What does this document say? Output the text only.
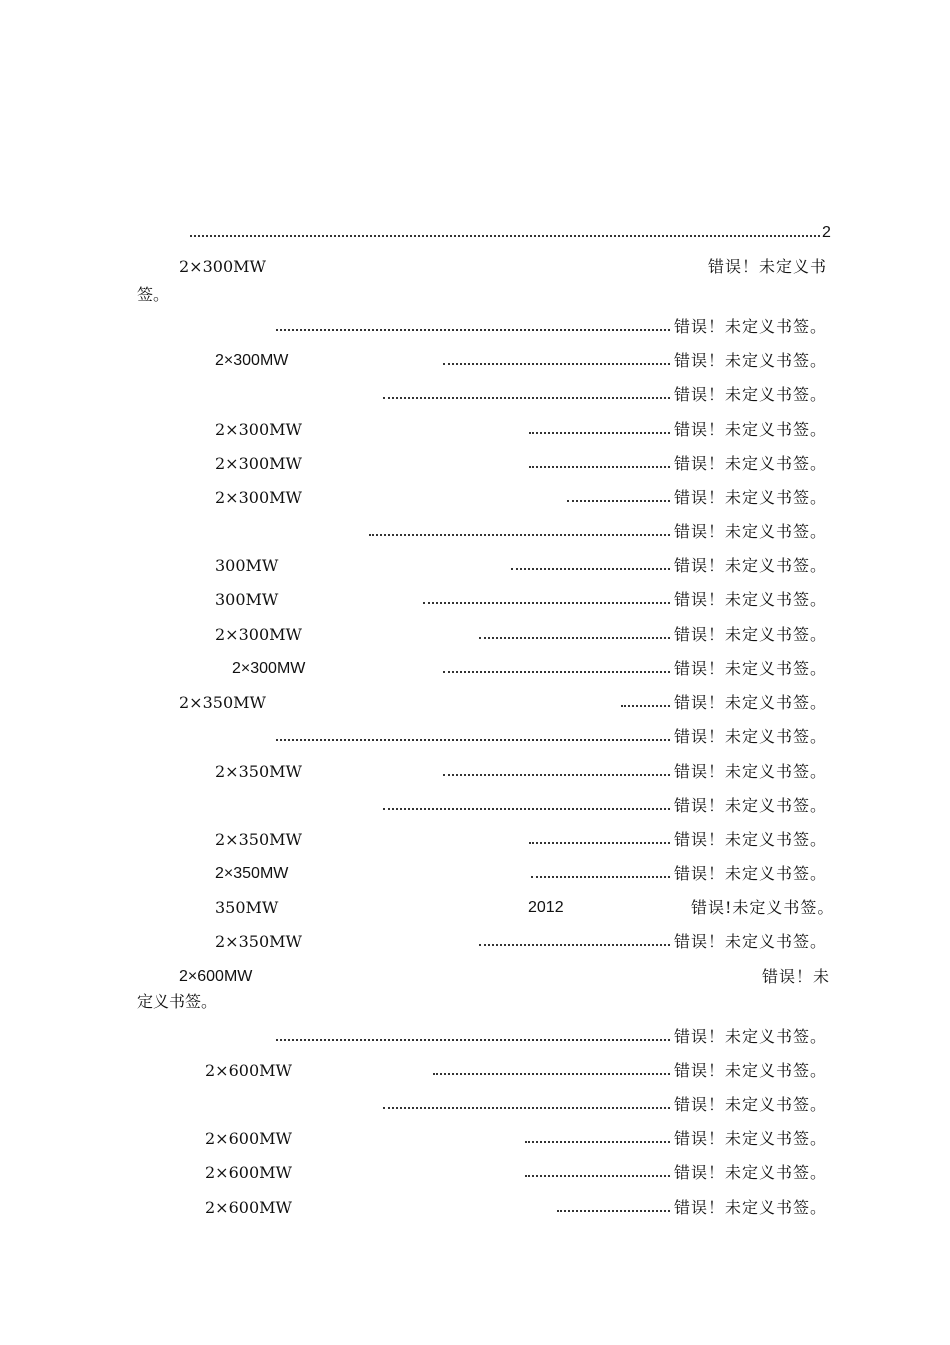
2
2×300MW	错误！未定义书
签。
错误！未定义书签。
2×300MW	错误！未定义书签。
错误！未定义书签。
2×300MW	错误！未定义书签。
2×300MW	错误！未定义书签。
2×300MW	错误！未定义书签。
错误！未定义书签。
300MW	错误！未定义书签。
300MW	错误！未定义书签。
2×300MW	错误！未定义书签。
2×300MW	错误！未定义书签。
2×350MW	错误！未定义书签。
错误！未定义书签。
2×350MW	错误！未定义书签。
错误！未定义书签。
2×350MW	错误！未定义书签。
2×350MW	错误！未定义书签。
350MW	2012	错误!未定义书签。
2×350MW	错误！未定义书签。
2×600MW	错误！未
定义书签。
错误！未定义书签。
2×600MW	错误！未定义书签。
错误！未定义书签。
2×600MW	错误！未定义书签。
2×600MW	错误！未定义书签。
2×600MW	错误！未定义书签。
